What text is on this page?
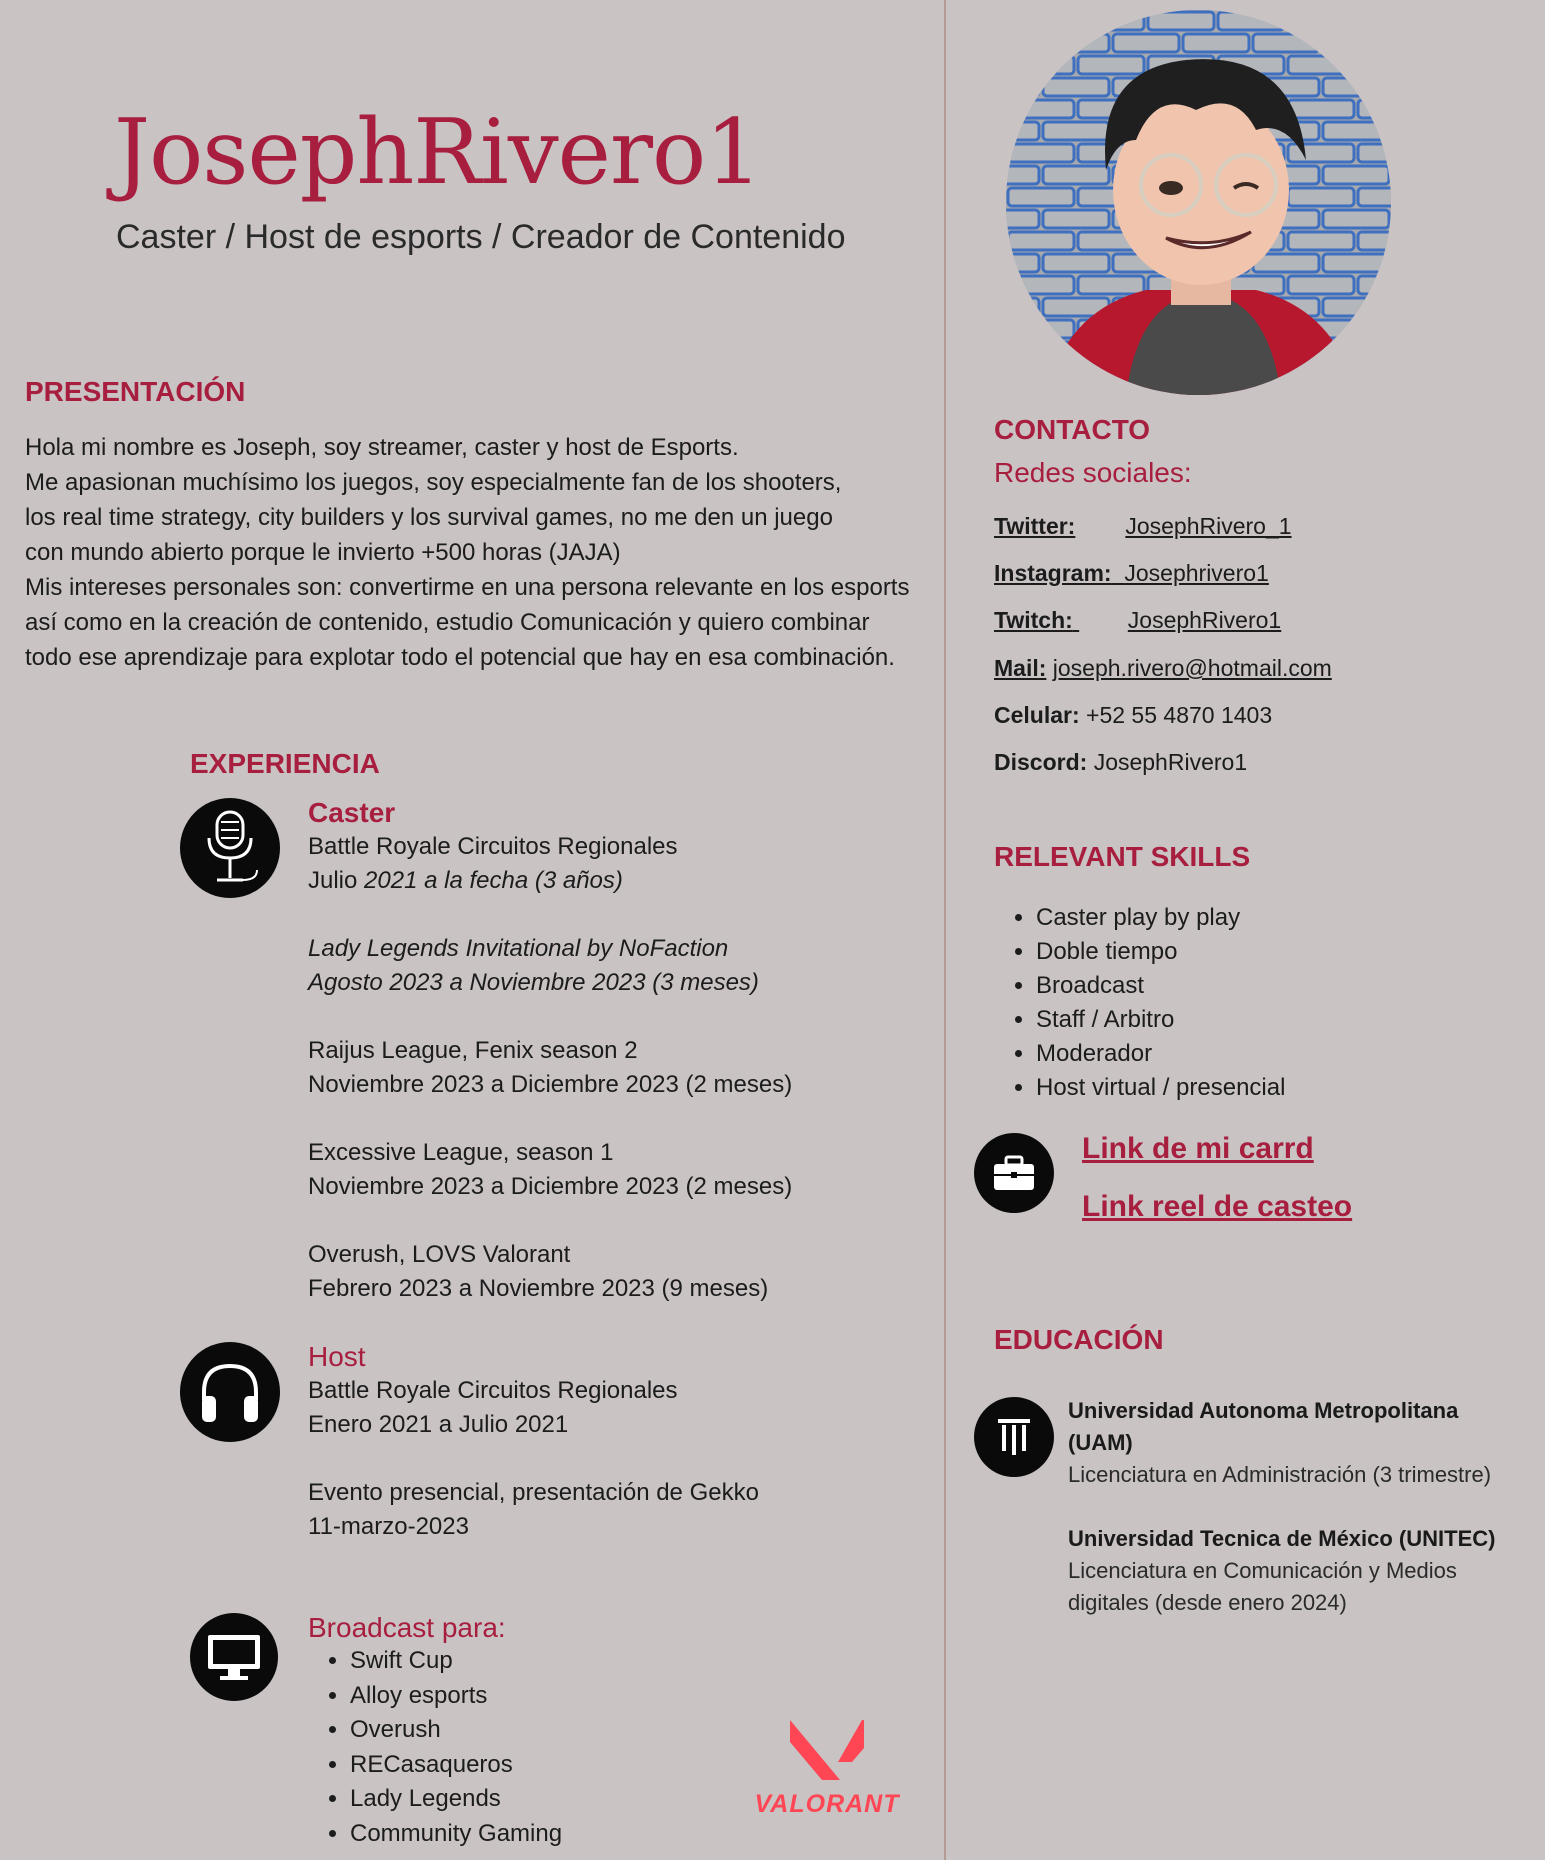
JosephRivero1
Caster / Host de esports / Creador de Contenido
PRESENTACIÓN

Hola mi nombre es Joseph, soy streamer, caster y host de Esports.

Me apasionan muchísimo los juegos, soy especialmente fan de los shooters,

los real time strategy, city builders y los survival games, no me den un juego

con mundo abierto porque le invierto +500 horas (JAJA)

Mis intereses personales son: convertirme en una persona relevante en los esports

así como en la creación de contenido, estudio Comunicación y quiero combinar

todo ese aprendizaje para explotar todo el potencial que hay en esa combinación.

EXPERIENCIA
Caster
Battle Royale Circuitos Regionales
Julio 2021 a la fecha (3 años)
Lady Legends Invitational by NoFaction
Agosto 2023 a Noviembre 2023 (3 meses)
Raijus League, Fenix season 2
Noviembre 2023 a Diciembre 2023 (2 meses)
Excessive League, season 1
Noviembre 2023 a Diciembre 2023 (2 meses)
Overush, LOVS Valorant
Febrero 2023 a Noviembre 2023 (9 meses)
Host
Battle Royale Circuitos Regionales
Enero 2021 a Julio 2021
Evento presencial, presentación de Gekko
11-marzo-2023
Broadcast para:
• Swift Cup
• Alloy esports
• Overush
• RECasaqueros
• Lady Legends
• Community Gaming
VALORANT
CONTACTO
Redes sociales:
Twitter: JosephRivero_1
Instagram: Josephrivero1
Twitch: JosephRivero1
Mail: joseph.rivero@hotmail.com
Celular: +52 55 4870 1403
Discord: JosephRivero1
RELEVANT SKILLS
• Caster play by play
• Doble tiempo
• Broadcast
• Staff / Arbitro
• Moderador
• Host virtual / presencial
Link de mi carrd
Link reel de casteo
EDUCACIÓN
Universidad Autonoma Metropolitana
(UAM)
Licenciatura en Administración (3 trimestre)
Universidad Tecnica de México (UNITEC)
Licenciatura en Comunicación y Medios
digitales (desde enero 2024)
